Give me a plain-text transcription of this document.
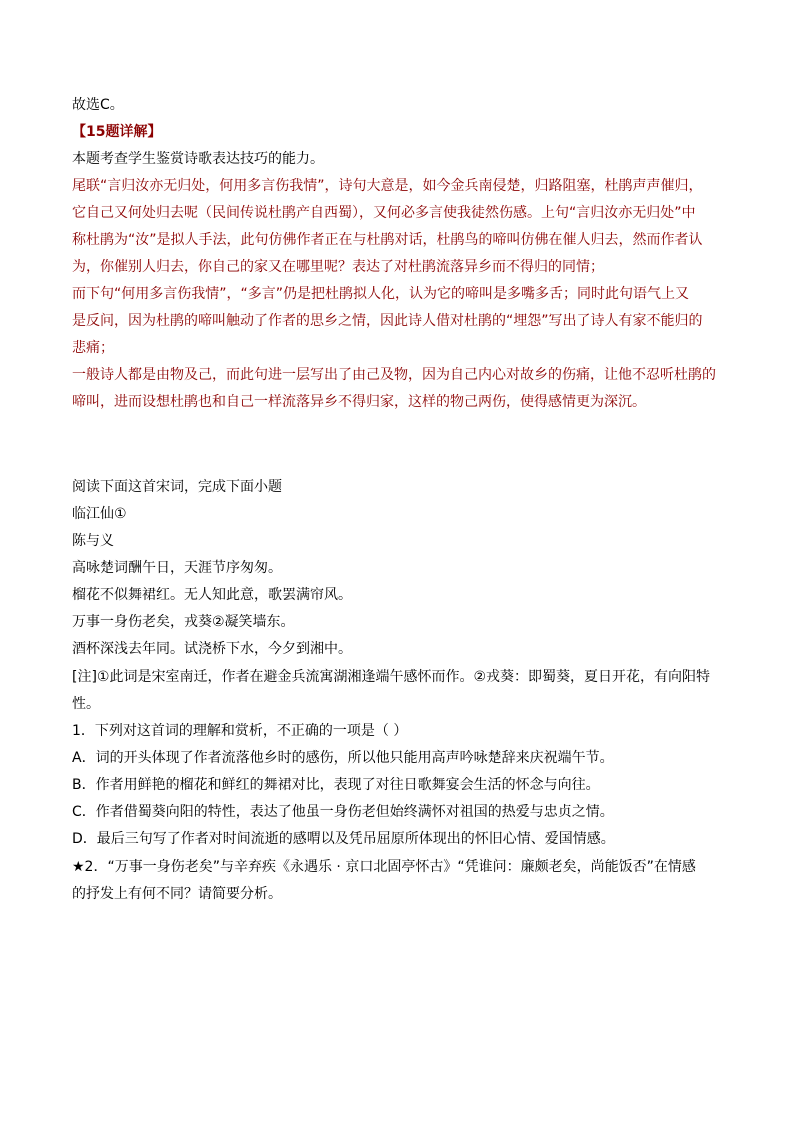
故选C。
【15题详解】
本题考查学生鉴赏诗歌表达技巧的能力。
尾联“言归汝亦无归处，何用多言伤我情”，诗句大意是，如今金兵南侵楚，归路阻塞，杜鹃声声催归，
它自己又何处归去呢（民间传说杜鹃产自西蜀），又何必多言使我徒然伤感。上句“言归汝亦无归处”中
称杜鹃为“汝”是拟人手法，此句仿佛作者正在与杜鹃对话，杜鹃鸟的啼叫仿佛在催人归去，然而作者认
为，你催别人归去，你自己的家又在哪里呢？表达了对杜鹃流落异乡而不得归的同情；
而下句“何用多言伤我情”，“多言”仍是把杜鹃拟人化，认为它的啼叫是多嘴多舌；同时此句语气上又
是反问，因为杜鹃的啼叫触动了作者的思乡之情，因此诗人借对杜鹃的“埋怨”写出了诗人有家不能归的
悲痛；
一般诗人都是由物及己，而此句进一层写出了由己及物，因为自己内心对故乡的伤痛，让他不忍听杜鹃的
啼叫，进而设想杜鹃也和自己一样流落异乡不得归家，这样的物己两伤，使得感情更为深沉。
阅读下面这首宋词，完成下面小题
临江仙①
陈与义
高咏楚词酬午日，天涯节序匆匆。
榴花不似舞裙红。无人知此意，歌罢满帘风。
万事一身伤老矣，戎葵②凝笑墙东。
酒杯深浅去年同。试浇桥下水，今夕到湘中。
[注]①此词是宋室南迁，作者在避金兵流寓湖湘逢端午感怀而作。②戎葵：即蜀葵，夏日开花，有向阳特
性。
1．下列对这首词的理解和赏析，不正确的一项是（ ）
A．词的开头体现了作者流落他乡时的感伤，所以他只能用高声吟咏楚辞来庆祝端午节。
B．作者用鲜艳的榴花和鲜红的舞裙对比，表现了对往日歌舞宴会生活的怀念与向往。
C．作者借蜀葵向阳的特性，表达了他虽一身伤老但始终满怀对祖国的热爱与忠贞之情。
D．最后三句写了作者对时间流逝的感喟以及凭吊屈原所体现出的怀旧心情、爱国情感。
★2．“万事一身伤老矣”与辛弃疾《永遇乐 · 京口北固亭怀古》“凭谁问：廉颇老矣，尚能饭否”在情感
的抒发上有何不同？请简要分析。
